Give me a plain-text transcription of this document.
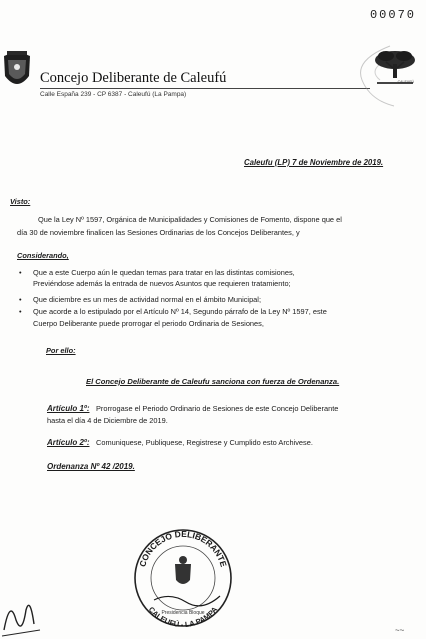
00070
Concejo Deliberante de Caleufú
Calle España 239 - CP 6387 - Caleufú (La Pampa)
CALEUFÚ
Caleufu (LP) 7 de Noviembre de 2019.
Visto:
Que la Ley Nº 1597, Orgánica de Municipalidades y Comisiones de Fomento, dispone que el
día 30 de noviembre finalicen las Sesiones Ordinarias de los Concejos Deliberantes, y
Considerando,
• Que a este Cuerpo aún le quedan temas para tratar en las distintas comisiones,
Previéndose además la entrada de nuevos Asuntos que requieren tratamiento;
• Que diciembre es un mes de actividad normal en el ámbito Municipal;
• Que acorde a lo estipulado por el Artículo Nº 14, Segundo párrafo de la Ley Nº 1597, este
Cuerpo Deliberante puede prorrogar el periodo Ordinaria de Sesiones,
Por ello:
El Concejo Deliberante de Caleufu sanciona con fuerza de Ordenanza.
Artículo 1º: Prorrogase el Periodo Ordinario de Sesiones de este Concejo Deliberante
hasta el día 4 de Diciembre de 2019.
Artículo 2º: Comuniquese, Publiquese, Registrese y Cumplido esto Archivese.
Ordenanza Nº 42 /2019.
CONCEJO DELIBERANTE
CALEUFÚ - LA PAMPA
Presidencia Bloque
~~
